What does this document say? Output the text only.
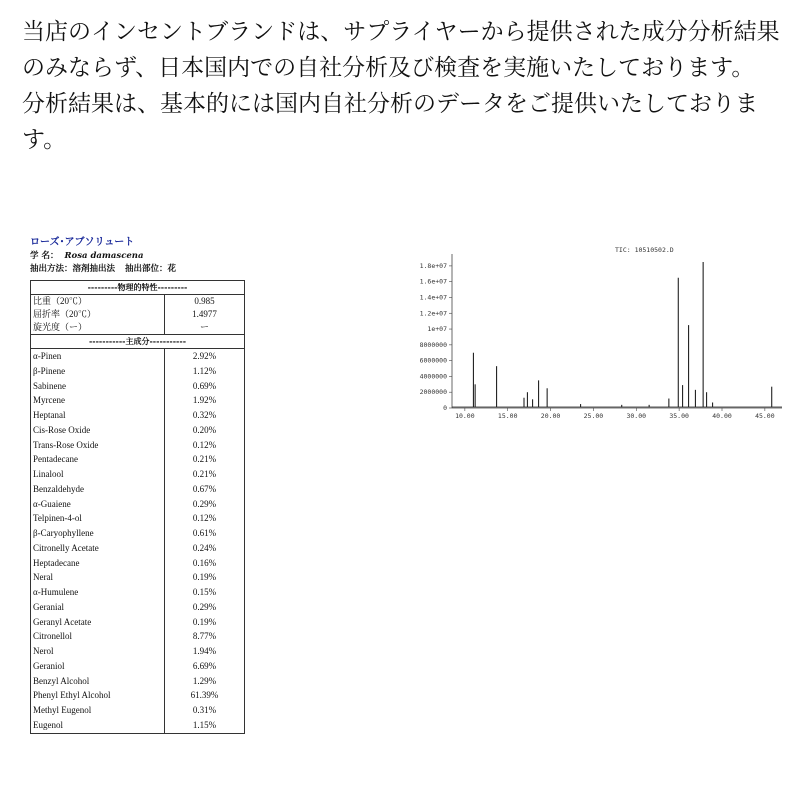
当店のインセントブランドは、サプライヤーから提供された成分分析結果のみならず、日本国内での自社分析及び検査を実施いたしております。

分析結果は、基本的には国内自社分析のデータをご提供いたしております。

ローズ･アブソリュート
学 名： Rosa damascena
抽出方法：溶剤抽出法 抽出部位：花
---------物理的特性---------
比重（20℃）	0.985
屈折率（20℃）	1.4977
旋光度（ー）	ー
-----------主成分-----------
α-Pinen	2.92%
β-Pinene	1.12%
Sabinene	0.69%
Myrcene	1.92%
Heptanal	0.32%
Cis-Rose Oxide	0.20%
Trans-Rose Oxide	0.12%
Pentadecane	0.21%
Linalool	0.21%
Benzaldehyde	0.67%
α-Guaiene	0.29%
Telpinen-4-ol	0.12%
β-Caryophyllene	0.61%
Citronelly Acetate	0.24%
Heptadecane	0.16%
Neral	0.19%
α-Humulene	0.15%
Geranial	0.29%
Geranyl Acetate	0.19%
Citronellol	8.77%
Nerol	1.94%
Geraniol	6.69%
Benzyl Alcohol	1.29%
Phenyl Ethyl Alcohol	61.39%
Methyl Eugenol	0.31%
Eugenol	1.15%
TIC: 10510502.D
1.8e+07
1.6e+07
1.4e+07
1.2e+07
1e+07
8000000
6000000
4000000
2000000
0
10.00	15.00	20.00	25.00	30.00	35.00	40.00	45.00
